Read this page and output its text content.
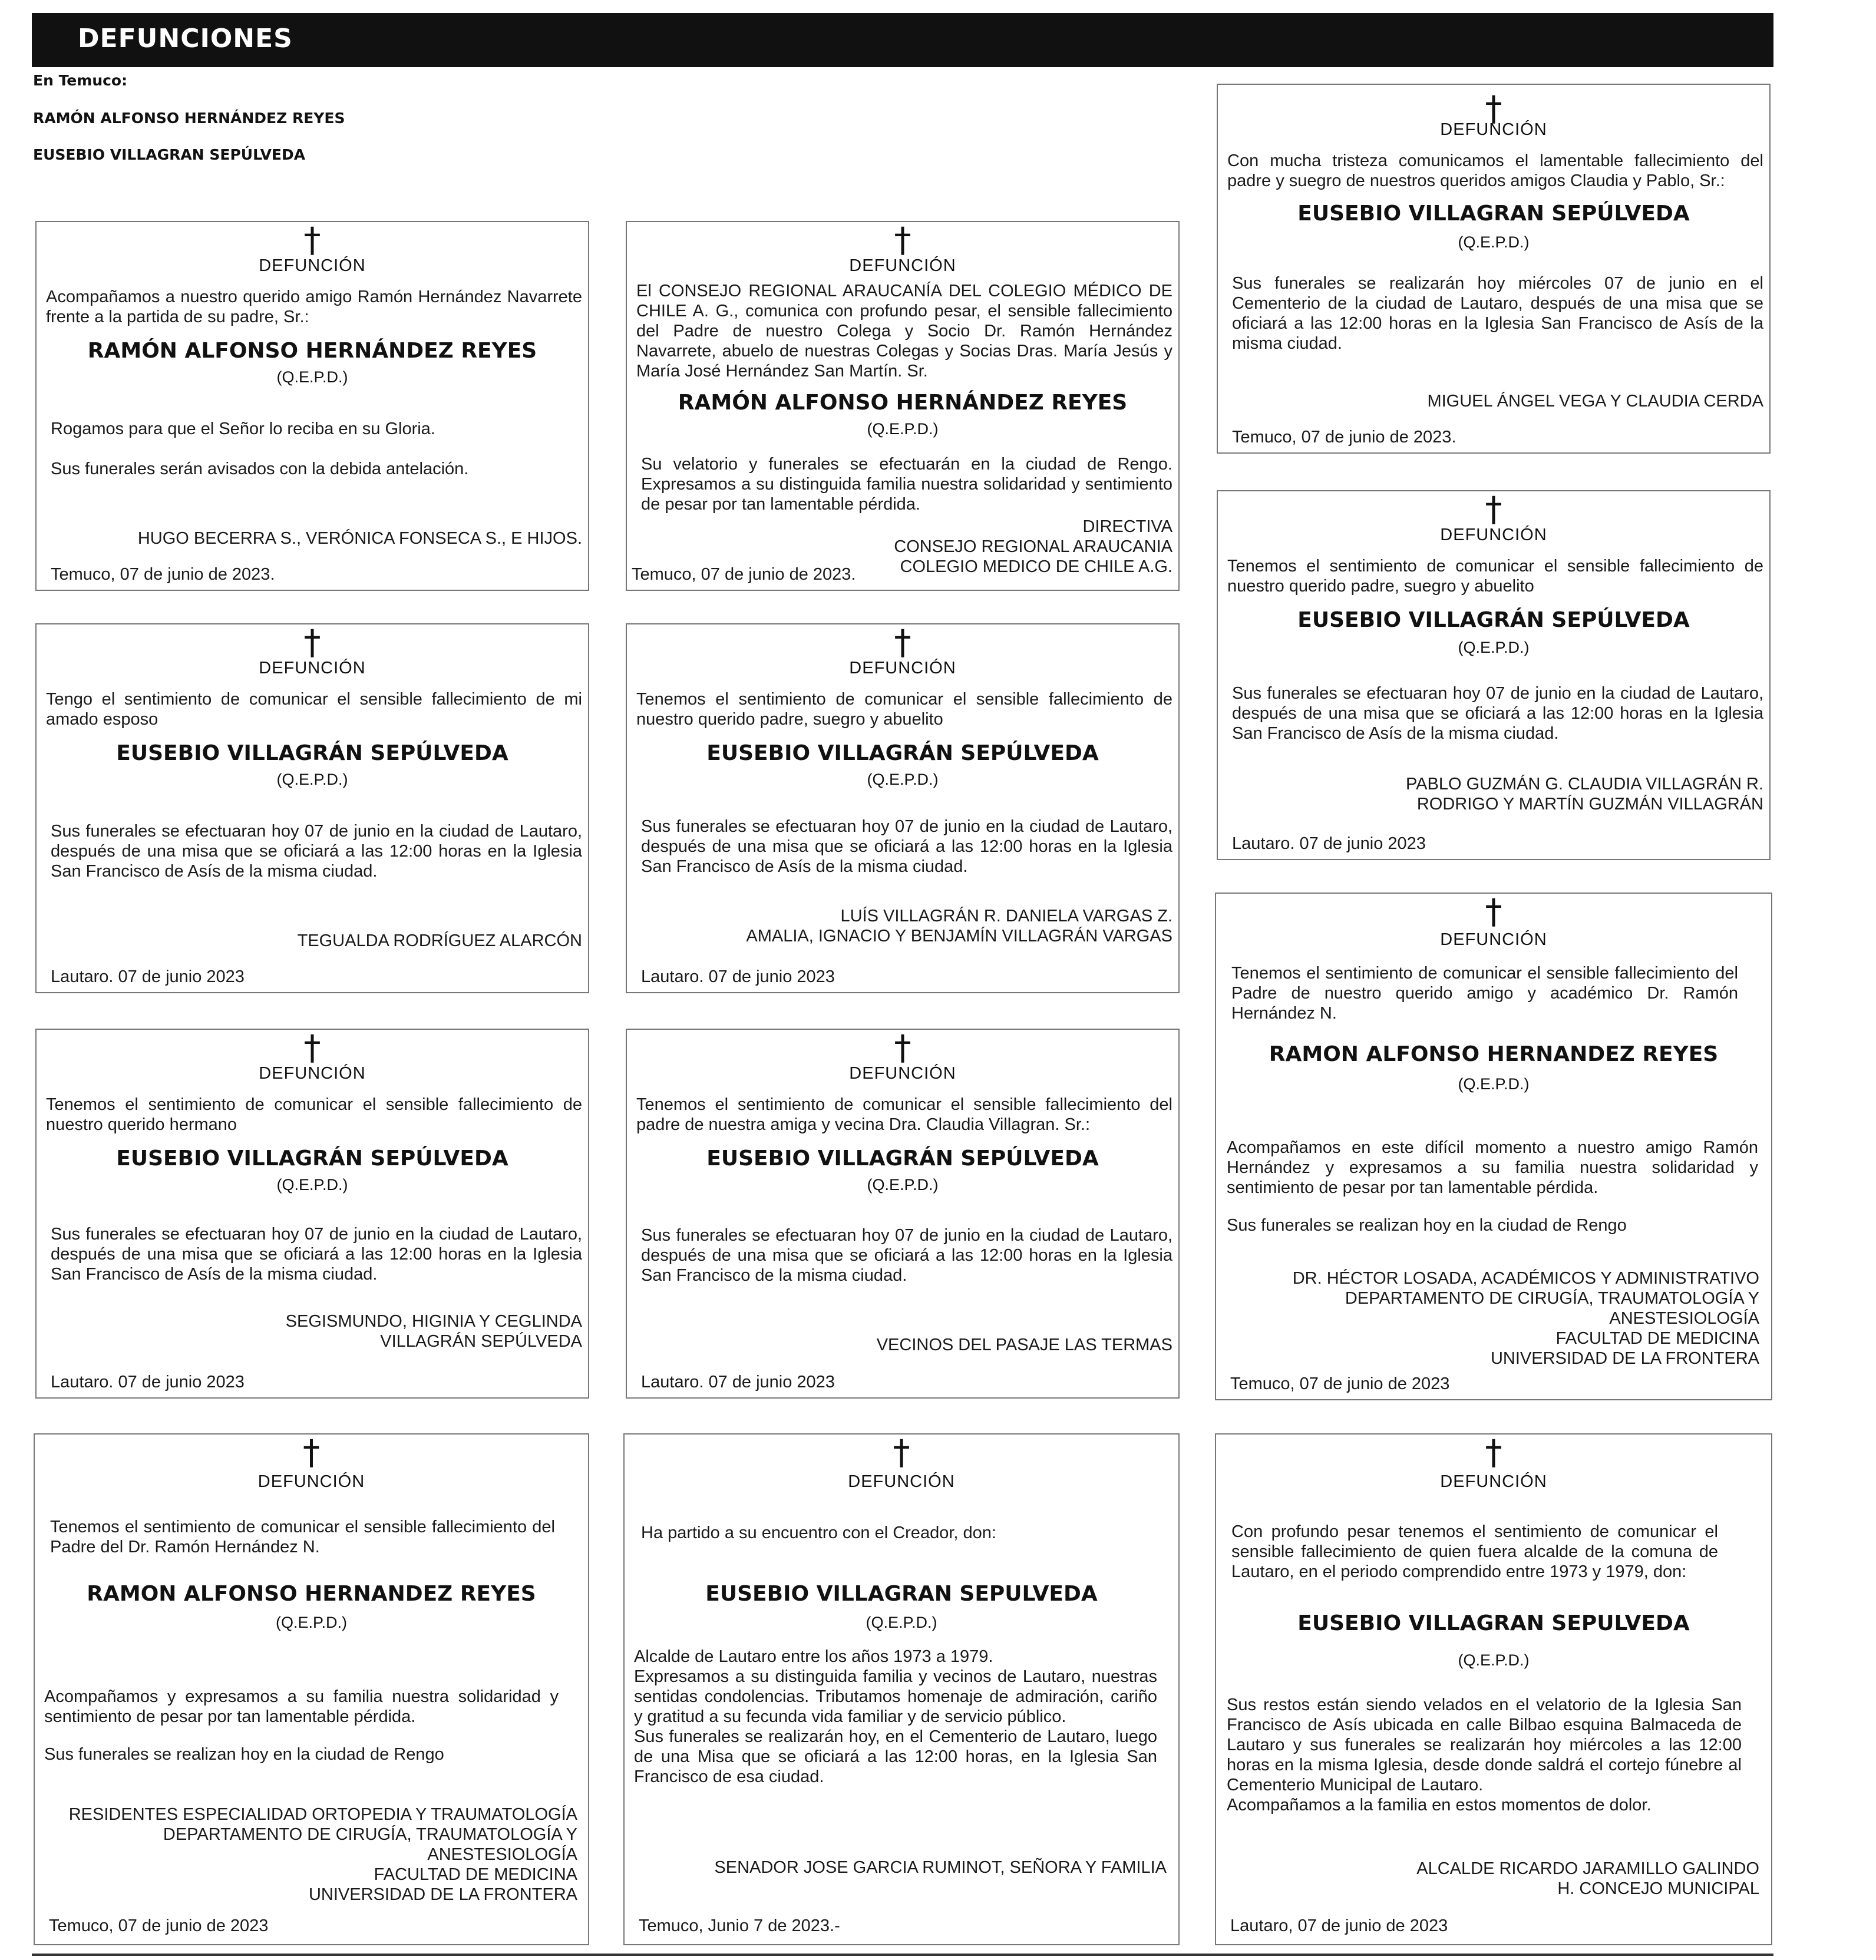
DEFUNCIONES
En Temuco:
RAMÓN ALFONSO HERNÁNDEZ REYES
EUSEBIO VILLAGRAN SEPÚLVEDA
†
DEFUNCIÓN
Acompañamos a nuestro querido amigo Ramón Hernández Navarrete frente a la partida de su padre, Sr.:
RAMÓN ALFONSO HERNÁNDEZ REYES
(Q.E.P.D.)

Rogamos para que el Señor lo reciba en su Gloria.

Sus funerales serán avisados con la debida antelación.

HUGO BECERRA S., VERÓNICA FONSECA S., E HIJOS.
Temuco, 07 de junio de 2023.
†
DEFUNCIÓN
El CONSEJO REGIONAL ARAUCANÍA DEL COLEGIO MÉDICO DE CHILE A. G., comunica con profundo pesar, el sensible fallecimiento del Padre de nuestro Colega y Socio Dr. Ramón Hernández Navarrete, abuelo de nuestras Colegas y Socias Dras. María Jesús y María José Hernández San Martín. Sr.
RAMÓN ALFONSO HERNÁNDEZ REYES
(Q.E.P.D.)

Su velatorio y funerales se efectuarán en la ciudad de Rengo. Expresamos a su distinguida familia nuestra solidaridad y sentimiento de pesar por tan lamentable pérdida.

DIRECTIVA
CONSEJO REGIONAL ARAUCANIA
COLEGIO MEDICO DE CHILE A.G.
Temuco, 07 de junio de 2023.
†
DEFUNCIÓN
Con mucha tristeza comunicamos el lamentable fallecimiento del padre y suegro de nuestros queridos amigos Claudia y Pablo, Sr.:
EUSEBIO VILLAGRAN SEPÚLVEDA
(Q.E.P.D.)

Sus funerales se realizarán hoy miércoles 07 de junio en el Cementerio de la ciudad de Lautaro, después de una misa que se oficiará a las 12:00 horas en la Iglesia San Francisco de Asís de la misma ciudad.

MIGUEL ÁNGEL VEGA Y CLAUDIA CERDA
Temuco, 07 de junio de 2023.
†
DEFUNCIÓN
Tengo el sentimiento de comunicar el sensible fallecimiento de mi amado esposo
EUSEBIO VILLAGRÁN SEPÚLVEDA
(Q.E.P.D.)

Sus funerales se efectuaran hoy 07 de junio en la ciudad de Lautaro, después de una misa que se oficiará a las 12:00 horas en la Iglesia San Francisco de Asís de la misma ciudad.

TEGUALDA RODRÍGUEZ ALARCÓN
Lautaro. 07 de junio 2023
†
DEFUNCIÓN
Tenemos el sentimiento de comunicar el sensible fallecimiento de nuestro querido padre, suegro y abuelito
EUSEBIO VILLAGRÁN SEPÚLVEDA
(Q.E.P.D.)

Sus funerales se efectuaran hoy 07 de junio en la ciudad de Lautaro, después de una misa que se oficiará a las 12:00 horas en la Iglesia San Francisco de Asís de la misma ciudad.

LUÍS VILLAGRÁN R. DANIELA VARGAS Z.
AMALIA, IGNACIO Y BENJAMÍN VILLAGRÁN VARGAS
Lautaro. 07 de junio 2023
†
DEFUNCIÓN
Tenemos el sentimiento de comunicar el sensible fallecimiento de nuestro querido padre, suegro y abuelito
EUSEBIO VILLAGRÁN SEPÚLVEDA
(Q.E.P.D.)

Sus funerales se efectuaran hoy 07 de junio en la ciudad de Lautaro, después de una misa que se oficiará a las 12:00 horas en la Iglesia San Francisco de Asís de la misma ciudad.

PABLO GUZMÁN G. CLAUDIA VILLAGRÁN R.
RODRIGO Y MARTÍN GUZMÁN VILLAGRÁN
Lautaro. 07 de junio 2023
†
DEFUNCIÓN
Tenemos el sentimiento de comunicar el sensible fallecimiento de nuestro querido hermano
EUSEBIO VILLAGRÁN SEPÚLVEDA
(Q.E.P.D.)

Sus funerales se efectuaran hoy 07 de junio en la ciudad de Lautaro, después de una misa que se oficiará a las 12:00 horas en la Iglesia San Francisco de Asís de la misma ciudad.

SEGISMUNDO, HIGINIA Y CEGLINDA
VILLAGRÁN SEPÚLVEDA
Lautaro. 07 de junio 2023
†
DEFUNCIÓN
Tenemos el sentimiento de comunicar el sensible fallecimiento del padre de nuestra amiga y vecina Dra. Claudia Villagran. Sr.:
EUSEBIO VILLAGRÁN SEPÚLVEDA
(Q.E.P.D.)

Sus funerales se efectuaran hoy 07 de junio en la ciudad de Lautaro, después de una misa que se oficiará a las 12:00 horas en la Iglesia San Francisco de la misma ciudad.

VECINOS DEL PASAJE LAS TERMAS
Lautaro. 07 de junio 2023
†
DEFUNCIÓN
Tenemos el sentimiento de comunicar el sensible fallecimiento del Padre de nuestro querido amigo y académico Dr. Ramón Hernández N.
RAMON ALFONSO HERNANDEZ REYES
(Q.E.P.D.)

Acompañamos en este difícil momento a nuestro amigo Ramón Hernández y expresamos a su familia nuestra solidaridad y sentimiento de pesar por tan lamentable pérdida.

Sus funerales se realizan hoy en la ciudad de Rengo

DR. HÉCTOR LOSADA, ACADÉMICOS Y ADMINISTRATIVO
DEPARTAMENTO DE CIRUGÍA, TRAUMATOLOGÍA Y ANESTESIOLOGÍA
FACULTAD DE MEDICINA
UNIVERSIDAD DE LA FRONTERA
Temuco, 07 de junio de 2023
†
DEFUNCIÓN
Tenemos el sentimiento de comunicar el sensible fallecimiento del Padre del Dr. Ramón Hernández N.
RAMON ALFONSO HERNANDEZ REYES
(Q.E.P.D.)

Acompañamos y expresamos a su familia nuestra solidaridad y sentimiento de pesar por tan lamentable pérdida.

Sus funerales se realizan hoy en la ciudad de Rengo

RESIDENTES ESPECIALIDAD ORTOPEDIA Y TRAUMATOLOGÍA
DEPARTAMENTO DE CIRUGÍA, TRAUMATOLOGÍA Y ANESTESIOLOGÍA
FACULTAD DE MEDICINA
UNIVERSIDAD DE LA FRONTERA
Temuco, 07 de junio de 2023
†
DEFUNCIÓN
Ha partido a su encuentro con el Creador, don:
EUSEBIO VILLAGRAN SEPULVEDA
(Q.E.P.D.)

Alcalde de Lautaro entre los años 1973 a 1979.

Expresamos a su distinguida familia y vecinos de Lautaro, nuestras sentidas condolencias. Tributamos homenaje de admiración, cariño y gratitud a su fecunda vida familiar y de servicio público.

Sus funerales se realizarán hoy, en el Cementerio de Lautaro, luego de una Misa que se oficiará a las 12:00 horas, en la Iglesia San Francisco de esa ciudad.

SENADOR JOSE GARCIA RUMINOT, SEÑORA Y FAMILIA
Temuco, Junio 7 de 2023.-
†
DEFUNCIÓN
Con profundo pesar tenemos el sentimiento de comunicar el sensible fallecimiento de quien fuera alcalde de la comuna de Lautaro, en el periodo comprendido entre 1973 y 1979, don:
EUSEBIO VILLAGRAN SEPULVEDA
(Q.E.P.D.)

Sus restos están siendo velados en el velatorio de la Iglesia San Francisco de Asís ubicada en calle Bilbao esquina Balmaceda de Lautaro y sus funerales se realizarán hoy miércoles a las 12:00 horas en la misma Iglesia, desde donde saldrá el cortejo fúnebre al Cementerio Municipal de Lautaro.

Acompañamos a la familia en estos momentos de dolor.

ALCALDE RICARDO JARAMILLO GALINDO
H. CONCEJO MUNICIPAL
Lautaro, 07 de junio de 2023
